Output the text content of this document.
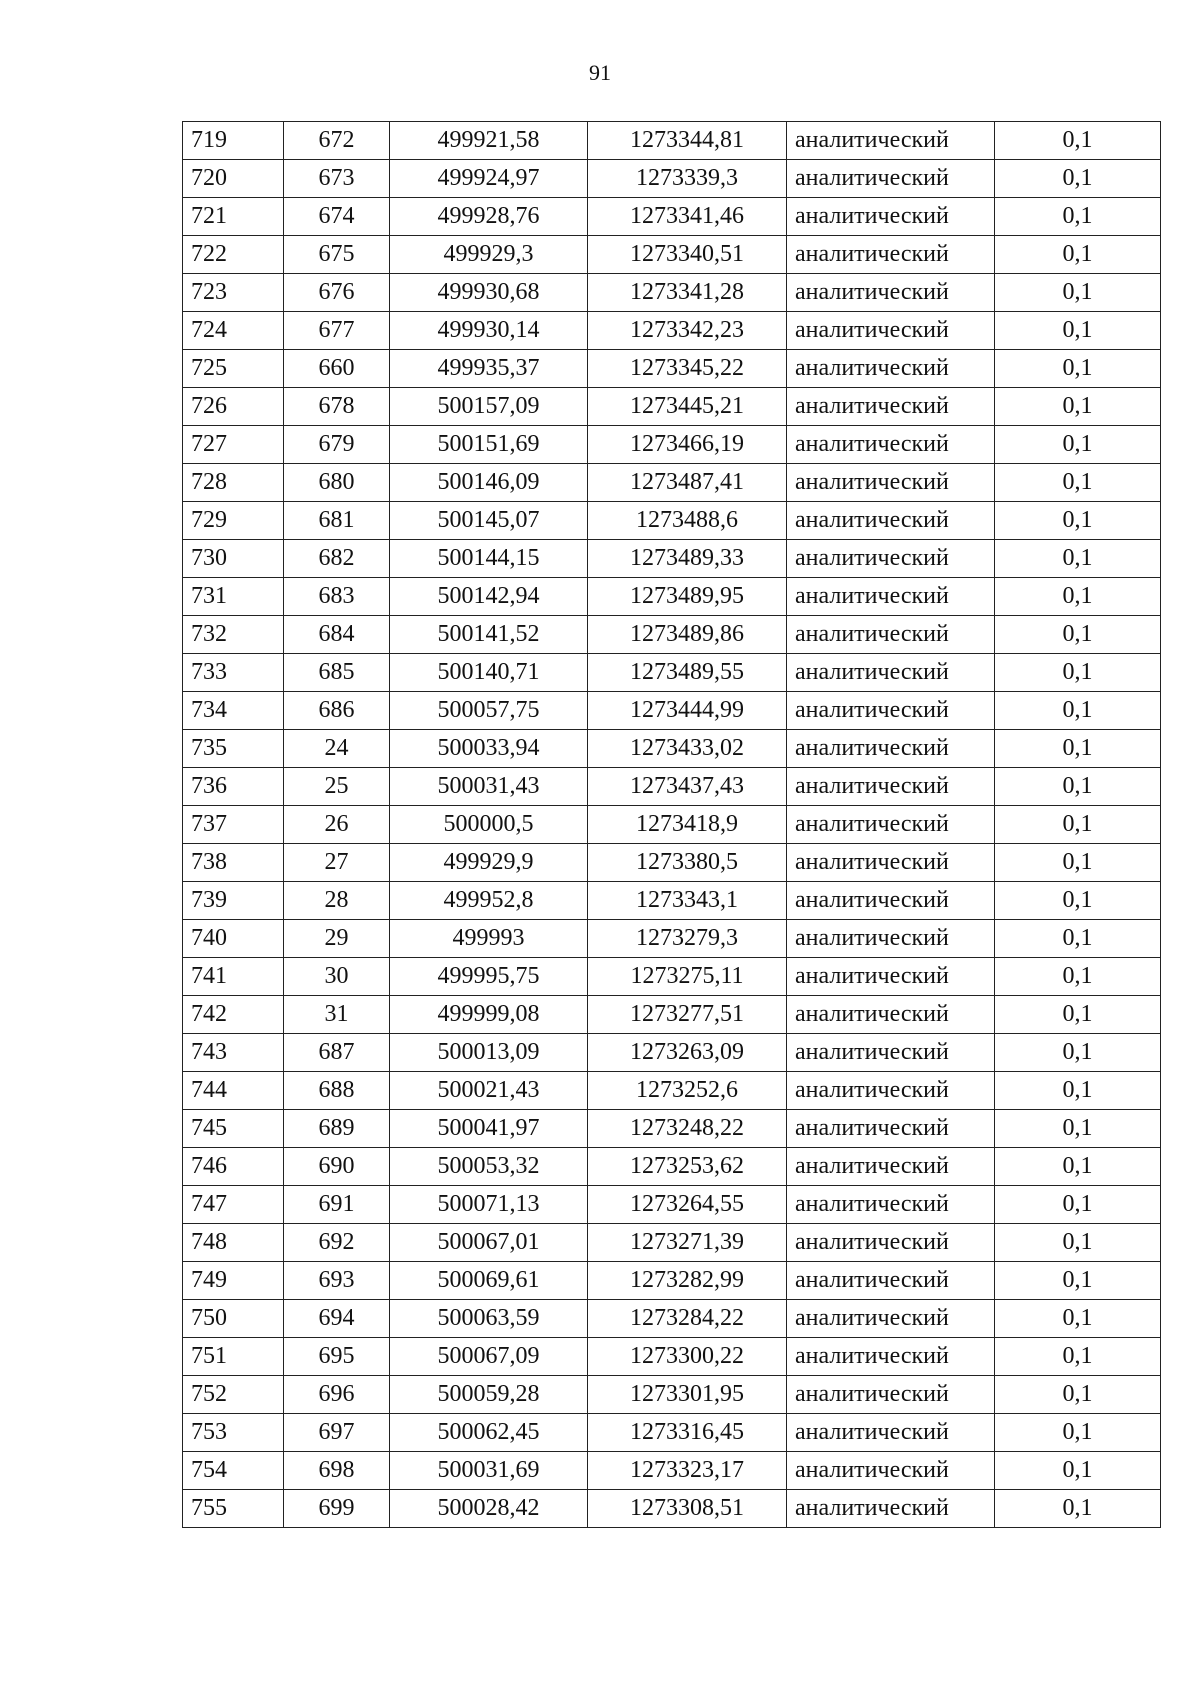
91
719	672	499921,58	1273344,81	аналитический	0,1
720	673	499924,97	1273339,3	аналитический	0,1
721	674	499928,76	1273341,46	аналитический	0,1
722	675	499929,3	1273340,51	аналитический	0,1
723	676	499930,68	1273341,28	аналитический	0,1
724	677	499930,14	1273342,23	аналитический	0,1
725	660	499935,37	1273345,22	аналитический	0,1
726	678	500157,09	1273445,21	аналитический	0,1
727	679	500151,69	1273466,19	аналитический	0,1
728	680	500146,09	1273487,41	аналитический	0,1
729	681	500145,07	1273488,6	аналитический	0,1
730	682	500144,15	1273489,33	аналитический	0,1
731	683	500142,94	1273489,95	аналитический	0,1
732	684	500141,52	1273489,86	аналитический	0,1
733	685	500140,71	1273489,55	аналитический	0,1
734	686	500057,75	1273444,99	аналитический	0,1
735	24	500033,94	1273433,02	аналитический	0,1
736	25	500031,43	1273437,43	аналитический	0,1
737	26	500000,5	1273418,9	аналитический	0,1
738	27	499929,9	1273380,5	аналитический	0,1
739	28	499952,8	1273343,1	аналитический	0,1
740	29	499993	1273279,3	аналитический	0,1
741	30	499995,75	1273275,11	аналитический	0,1
742	31	499999,08	1273277,51	аналитический	0,1
743	687	500013,09	1273263,09	аналитический	0,1
744	688	500021,43	1273252,6	аналитический	0,1
745	689	500041,97	1273248,22	аналитический	0,1
746	690	500053,32	1273253,62	аналитический	0,1
747	691	500071,13	1273264,55	аналитический	0,1
748	692	500067,01	1273271,39	аналитический	0,1
749	693	500069,61	1273282,99	аналитический	0,1
750	694	500063,59	1273284,22	аналитический	0,1
751	695	500067,09	1273300,22	аналитический	0,1
752	696	500059,28	1273301,95	аналитический	0,1
753	697	500062,45	1273316,45	аналитический	0,1
754	698	500031,69	1273323,17	аналитический	0,1
755	699	500028,42	1273308,51	аналитический	0,1
